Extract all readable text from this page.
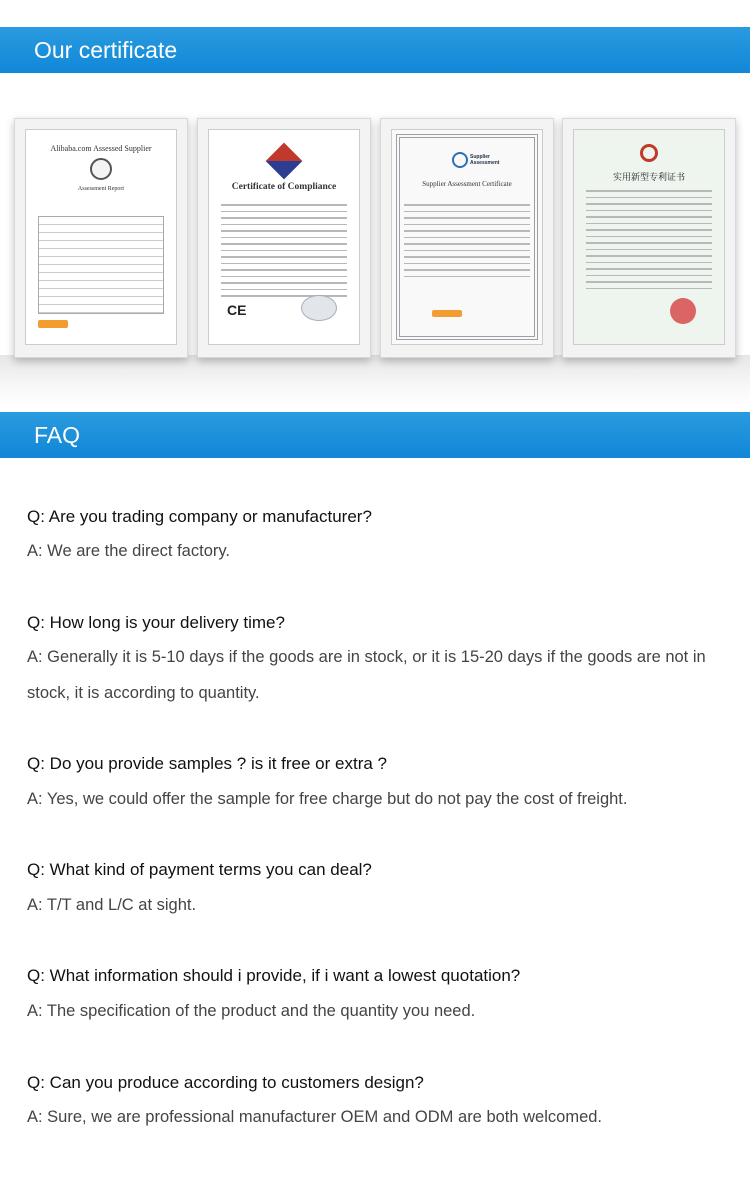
Our certificate
Alibaba.com Assessed Supplier
Assessment Report	Certificate of Compliance
CE
Supplier Assessment
Supplier Assessment Certificate
实用新型专利证书
FAQ
Q: Are you trading company or manufacturer?
A: We are the direct factory.
Q: How long is your delivery time?
A: Generally it is 5-10 days if the goods are in stock, or it is 15-20 days if the goods are not in stock, it is according to quantity.
Q: Do you provide samples ? is it free or extra ?
A: Yes, we could offer the sample for free charge but do not pay the cost of freight.
Q: What kind of payment terms you can deal?
A: T/T and L/C at sight.
Q: What information should i provide, if i want a lowest quotation?
A: The specification of the product and the quantity you need.
Q: Can you produce according to customers design?
A: Sure, we are professional manufacturer OEM and ODM are both welcomed.
